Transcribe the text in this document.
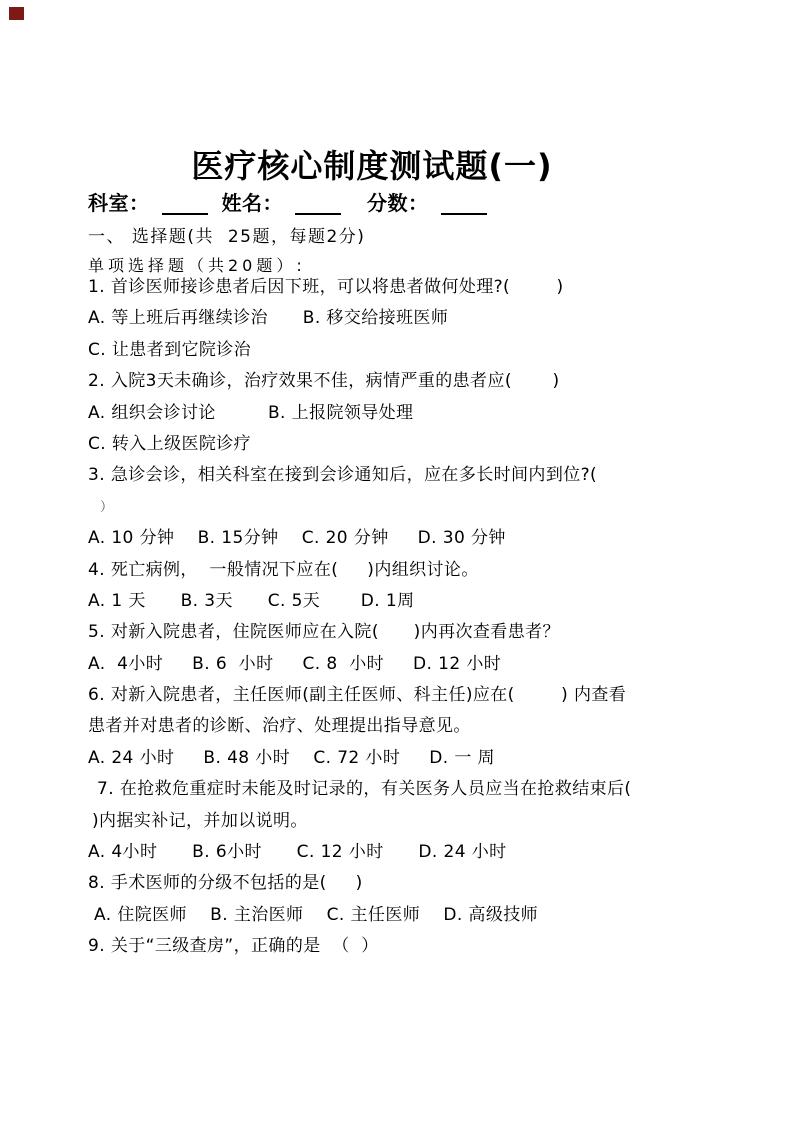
医疗核心制度测试题(一)
科室：	姓名：	分数：
一、 选择题(共  25题，每题2分)
单项选择题（共20题）:
1. 首诊医师接诊患者后因下班，可以将患者做何处理?(        )
A. 等上班后再继续诊治      B. 移交给接班医师
C. 让患者到它院诊治
2. 入院3天未确诊，治疗效果不佳，病情严重的患者应(       )
A. 组织会诊讨论         B. 上报院领导处理
C. 转入上级医院诊疗
3. 急诊会诊，相关科室在接到会诊通知后，应在多长时间内到位?(
）
A. 10 分钟    B. 15分钟    C. 20 分钟     D. 30 分钟
4. 死亡病例，  一般情况下应在(     )内组织讨论。
A. 1 天      B. 3天      C. 5天       D. 1周
5. 对新入院患者，住院医师应在入院(      )内再次查看患者？
A.  4小时     B. 6  小时     C. 8  小时     D. 12 小时
6. 对新入院患者，主任医师(副主任医师、科主任)应在(        ) 内查看
患者并对患者的诊断、治疗、处理提出指导意见。
A. 24 小时     B. 48 小时    C. 72 小时     D. 一 周
7. 在抢救危重症时未能及时记录的，有关医务人员应当在抢救结束后(
)内据实补记，并加以说明。
A. 4小时      B. 6小时      C. 12 小时      D. 24 小时
8. 手术医师的分级不包括的是(     )
A. 住院医师    B. 主治医师    C. 主任医师    D. 高级技师
9. 关于“三级查房”，正确的是  （  ）
